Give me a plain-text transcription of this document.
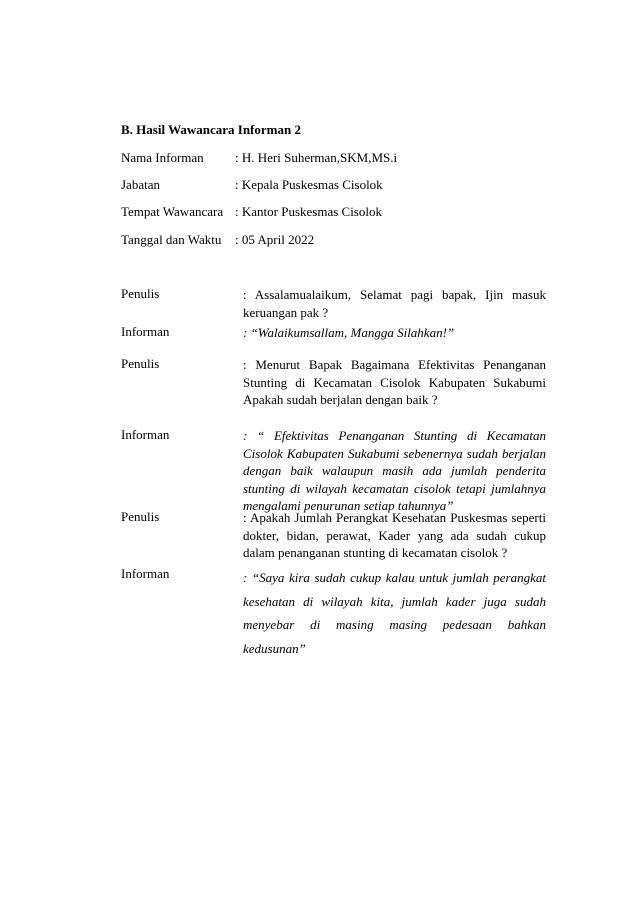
B. Hasil Wawancara Informan 2
Nama Informan : H. Heri Suherman,SKM,MS.i
Jabatan	: Kepala Puskesmas Cisolok
Tempat Wawancara : Kantor Puskesmas Cisolok
Tanggal dan Waktu : 05 April 2022
Penulis	: Assalamualaikum, Selamat pagi bapak, Ijin masuk keruangan pak ?
Informan	: “Walaikumsallam, Mangga Silahkan!”
Penulis	: Menurut Bapak Bagaimana Efektivitas Penanganan Stunting di Kecamatan Cisolok Kabupaten Sukabumi Apakah sudah berjalan dengan baik ?
Informan	: “ Efektivitas Penanganan Stunting di Kecamatan Cisolok Kabupaten Sukabumi sebenernya sudah berjalan dengan baik walaupun masih ada jumlah penderita stunting di wilayah kecamatan cisolok tetapi jumlahnya mengalami penurunan setiap tahunnya”
Penulis	: Apakah Jumlah Perangkat Kesehatan Puskesmas seperti dokter, bidan, perawat, Kader yang ada sudah cukup dalam penanganan stunting di kecamatan cisolok ?
Informan	: “Saya kira sudah cukup kalau untuk jumlah perangkat kesehatan di wilayah kita, jumlah kader juga sudah menyebar di masing masing pedesaan bahkan kedusunan”
